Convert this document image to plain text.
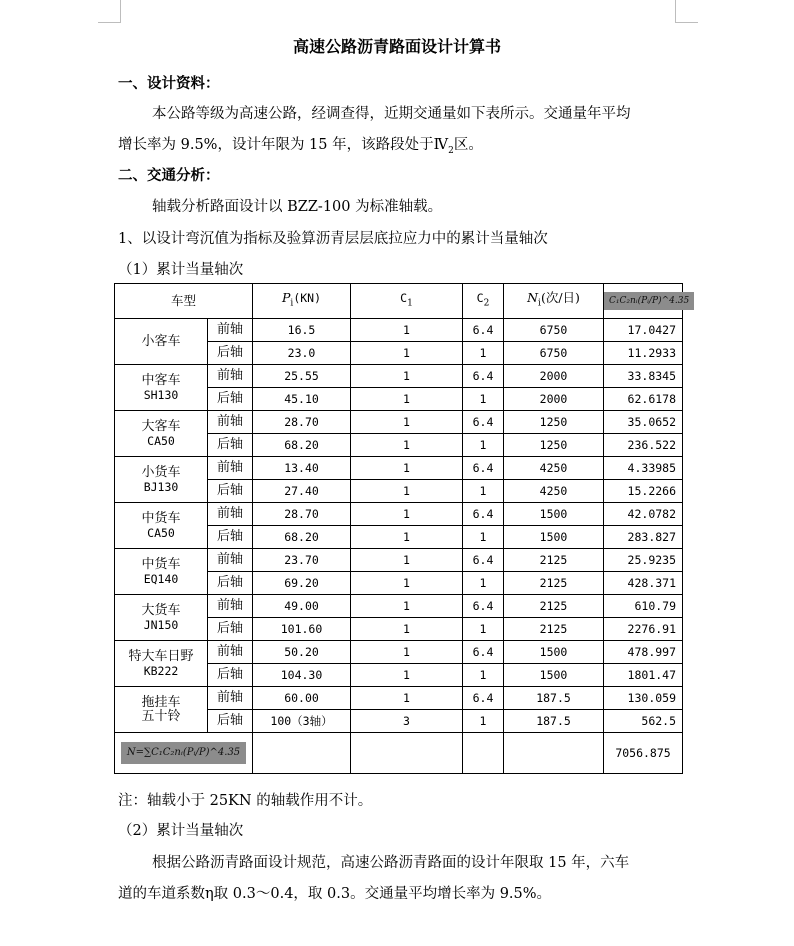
高速公路沥青路面设计计算书
一、设计资料：
本公路等级为高速公路，经调查得，近期交通量如下表所示。交通量年平均
增长率为 9.5%，设计年限为 15 年，该路段处于$Ⅳ_2$区。
二、交通分析：
轴载分析路面设计以 BZZ-100 为标准轴载。
1、以设计弯沉值为指标及验算沥青层层底拉应力中的累计当量轴次
（1）累计当量轴次
车型		$P_i(KN)$	$C_1$	$C_2$	$N_i$(次/日)	C₁C₂nᵢ(Pᵢ/P)^4.35

小客车	前轴	16.5	1	6.4	6750	17.0427
	后轴	23.0	1	1	6750	11.2933

中客车
SH130	前轴	25.55	1	6.4	2000	33.8345
	后轴	45.10	1	1	2000	62.6178

大客车
CA50	前轴	28.70	1	6.4	1250	35.0652
	后轴	68.20	1	1	1250	236.522

小货车
BJ130	前轴	13.40	1	6.4	4250	4.33985
	后轴	27.40	1	1	4250	15.2266

中货车
CA50	前轴	28.70	1	6.4	1500	42.0782
	后轴	68.20	1	1	1500	283.827

中货车
EQ140	前轴	23.70	1	6.4	2125	25.9235
	后轴	69.20	1	1	2125	428.371

大货车
JN150	前轴	49.00	1	6.4	2125	610.79
	后轴	101.60	1	1	2125	2276.91

特大车日野
KB222	前轴	50.20	1	6.4	1500	478.997
	后轴	104.30	1	1	1500	1801.47

拖挂车
五十铃	前轴	60.00	1	6.4	187.5	130.059
	后轴	100（3轴）	3	1	187.5	562.5
N=∑C₁C₂nᵢ(Pᵢ/P)^4.35						7056.875
注：轴载小于 25KN 的轴载作用不计。
（2）累计当量轴次
根据公路沥青路面设计规范，高速公路沥青路面的设计年限取 15 年，六车
道的车道系数η取 0.3～0.4，取 0.3。交通量平均增长率为 9.5%。
